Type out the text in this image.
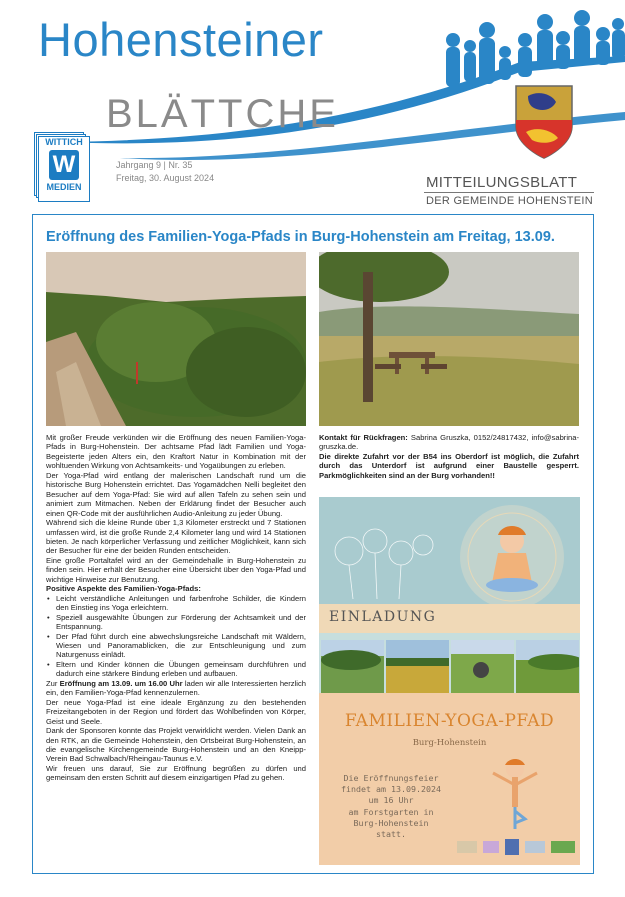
Hohensteiner
BLÄTTCHE
WITTICH
W
MEDIEN
Jahrgang 9 | Nr. 35
Freitag, 30. August 2024	MITTEILUNGSBLATT
DER GEMEINDE HOHENSTEIN
Eröffnung des Familien-Yoga-Pfads in Burg-Hohenstein am Freitag, 13.09.

Mit großer Freude verkünden wir die Eröffnung des neuen Familien-Yoga-Pfads in Burg-Hohenstein. Der achtsame Pfad lädt Familien und Yoga-Begeisterte jeden Alters ein, den Kraftort Natur in Kombination mit der wohltuenden Wirkung von Achtsamkeits- und Yogaübungen zu erleben.

Der Yoga-Pfad wird entlang der malerischen Landschaft rund um die historische Burg Hohenstein errichtet. Das Yogamädchen Nelli begleitet den Besucher auf dem Yoga-Pfad: Sie wird auf allen Tafeln zu sehen sein und animiert zum Mitmachen. Neben der Erklärung findet der Besucher auch einen QR-Code mit der ausführlichen Audio-Anleitung zu jeder Übung.

Während sich die kleine Runde über 1,3 Kilometer erstreckt und 7 Stationen umfassen wird, ist die große Runde 2,4 Kilometer lang und wird 14 Stationen bieten. Je nach körperlicher Verfassung und zeitlicher Möglichkeit, kann sich der Besucher für eine der beiden Runden entscheiden.

Eine große Portaltafel wird an der Gemeindehalle in Burg-Hohenstein zu finden sein. Hier erhält der Besucher eine Übersicht über den Yoga-Pfad und wichtige Hinweise zur Benutzung.

Positive Aspekte des Familien-Yoga-Pfads:

• Leicht verständliche Anleitungen und farbenfrohe Schilder, die Kindern den Einstieg ins Yoga erleichtern.
• Speziell ausgewählte Übungen zur Förderung der Achtsamkeit und der Entspannung.
• Der Pfad führt durch eine abwechslungsreiche Landschaft mit Wäldern, Wiesen und Panoramablicken, die zur Entschleunigung und zum Naturgenuss einlädt.
• Eltern und Kinder können die Übungen gemeinsam durchführen und dadurch eine stärkere Bindung erleben und aufbauen.

Zur Eröffnung am 13.09. um 16.00 Uhr laden wir alle Interessierten herzlich ein, den Familien-Yoga-Pfad kennenzulernen.

Der neue Yoga-Pfad ist eine ideale Ergänzung zu den bestehenden Freizeitangeboten in der Region und fördert das Wohlbefinden von Körper, Geist und Seele.

Dank der Sponsoren konnte das Projekt verwirklicht werden. Vielen Dank an den RTK, an die Gemeinde Hohenstein, den Ortsbeirat Burg-Hohenstein, an die evangelische Kirchengemeinde Burg-Hohenstein und an den Kneipp-Verein Bad Schwalbach/Rheingau-Taunus e.V.

Wir freuen uns darauf, Sie zur Eröffnung begrüßen zu dürfen und gemeinsam den ersten Schritt auf diesem einzigartigen Pfad zu gehen.

Kontakt für Rückfragen: Sabrina Gruszka, 0152/24817432, info@sabrina-gruszka.de.

Die direkte Zufahrt vor der B54 ins Oberdorf ist möglich, die Zufahrt durch das Unterdorf ist aufgrund einer Baustelle gesperrt. Parkmöglichkeiten sind an der Burg vorhanden!!

EINLADUNG
FAMILIEN-YOGA-PFAD
Burg-Hohenstein
Die Eröffnungsfeier
findet am 13.09.2024
um 16 Uhr
am Forstgarten in
Burg-Hohenstein
statt.
